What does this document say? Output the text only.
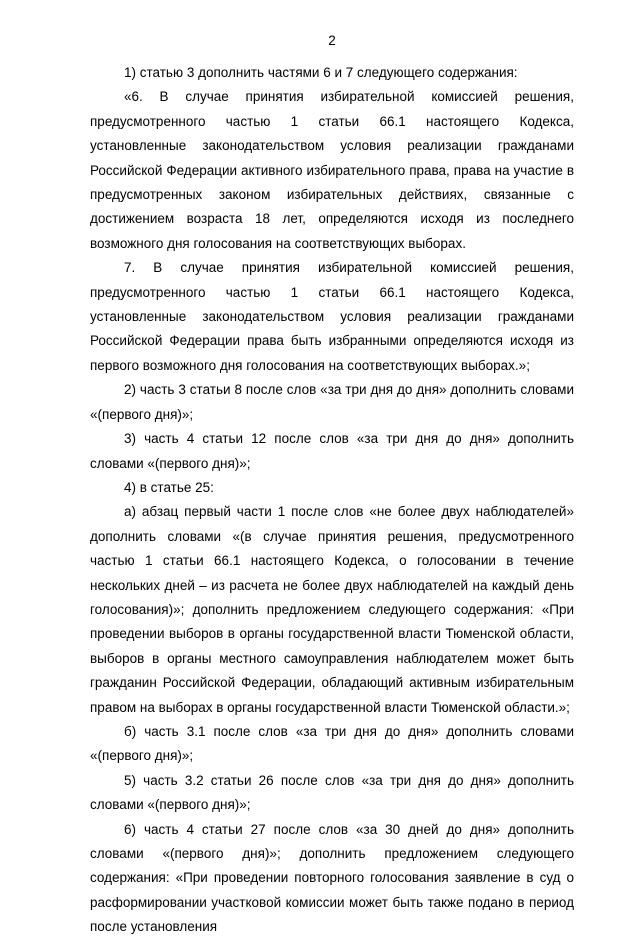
2

1) статью 3 дополнить частями 6 и 7 следующего содержания:

«6. В случае принятия избирательной комиссией решения, предусмотренного частью 1 статьи 66.1 настоящего Кодекса, установленные законодательством условия реализации гражданами Российской Федерации активного избирательного права, права на участие в предусмотренных законом избирательных действиях, связанные с достижением возраста 18 лет, определяются исходя из последнего возможного дня голосования на соответствующих выборах.

7. В случае принятия избирательной комиссией решения, предусмотренного частью 1 статьи 66.1 настоящего Кодекса, установленные законодательством условия реализации гражданами Российской Федерации права быть избранными определяются исходя из первого возможного дня голосования на соответствующих выборах.»;

2) часть 3 статьи 8 после слов «за три дня до дня» дополнить словами «(первого дня)»;

3) часть 4 статьи 12 после слов «за три дня до дня» дополнить словами «(первого дня)»;

4) в статье 25:

а) абзац первый части 1 после слов «не более двух наблюдателей» дополнить словами «(в случае принятия решения, предусмотренного частью 1 статьи 66.1 настоящего Кодекса, о голосовании в течение нескольких дней – из расчета не более двух наблюдателей на каждый день голосования)»; дополнить предложением следующего содержания: «При проведении выборов в органы государственной власти Тюменской области, выборов в органы местного самоуправления наблюдателем может быть гражданин Российской Федерации, обладающий активным избирательным правом на выборах в органы государственной власти Тюменской области.»;

б) часть 3.1 после слов «за три дня до дня» дополнить словами «(первого дня)»;

5) часть 3.2 статьи 26 после слов «за три дня до дня» дополнить словами «(первого дня)»;

6) часть 4 статьи 27 после слов «за 30 дней до дня» дополнить словами «(первого дня)»; дополнить предложением следующего содержания: «При проведении повторного голосования заявление в суд о расформировании участковой комиссии может быть также подано в период после установления
